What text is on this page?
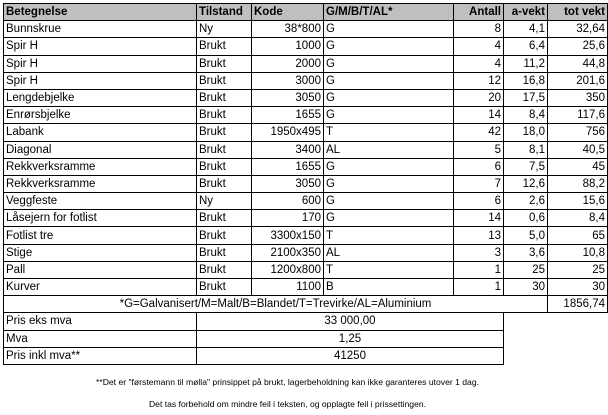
Betegnelse	Tilstand	Kode	G/M/B/T/AL*	Antall	a-vekt	tot vekt
Bunnskrue	Ny	38*800	G	8	4,1	32,64
Spir H	Brukt	1000	G	4	6,4	25,6
Spir H	Brukt	2000	G	4	11,2	44,8
Spir H	Brukt	3000	G	12	16,8	201,6
Lengdebjelke	Brukt	3050	G	20	17,5	350
Enrørsbjelke	Brukt	1655	G	14	8,4	117,6
Labank	Brukt	1950x495	T	42	18,0	756
Diagonal	Brukt	3400	AL	5	8,1	40,5
Rekkverksramme	Brukt	1655	G	6	7,5	45
Rekkverksramme	Brukt	3050	G	7	12,6	88,2
Veggfeste	Ny	600	G	6	2,6	15,6
Låsejern for fotlist	Brukt	170	G	14	0,6	8,4
Fotlist tre	Brukt	3300x150	T	13	5,0	65
Stige	Brukt	2100x350	AL	3	3,6	10,8
Pall	Brukt	1200x800	T	1	25	25
Kurver	Brukt	1100	B	1	30	30
*G=Galvanisert/M=Malt/B=Blandet/T=Trevirke/AL=Aluminium						1856,74
Pris eks mva	33 000,00					
Mva	1,25					
Pris inkl mva**	41250					
**Det er "førstemann til mølla" prinsippet på brukt, lagerbeholdning kan ikke garanteres utover 1 dag.
Det tas forbehold om mindre feil i teksten, og opplagte feil i prissettingen.
